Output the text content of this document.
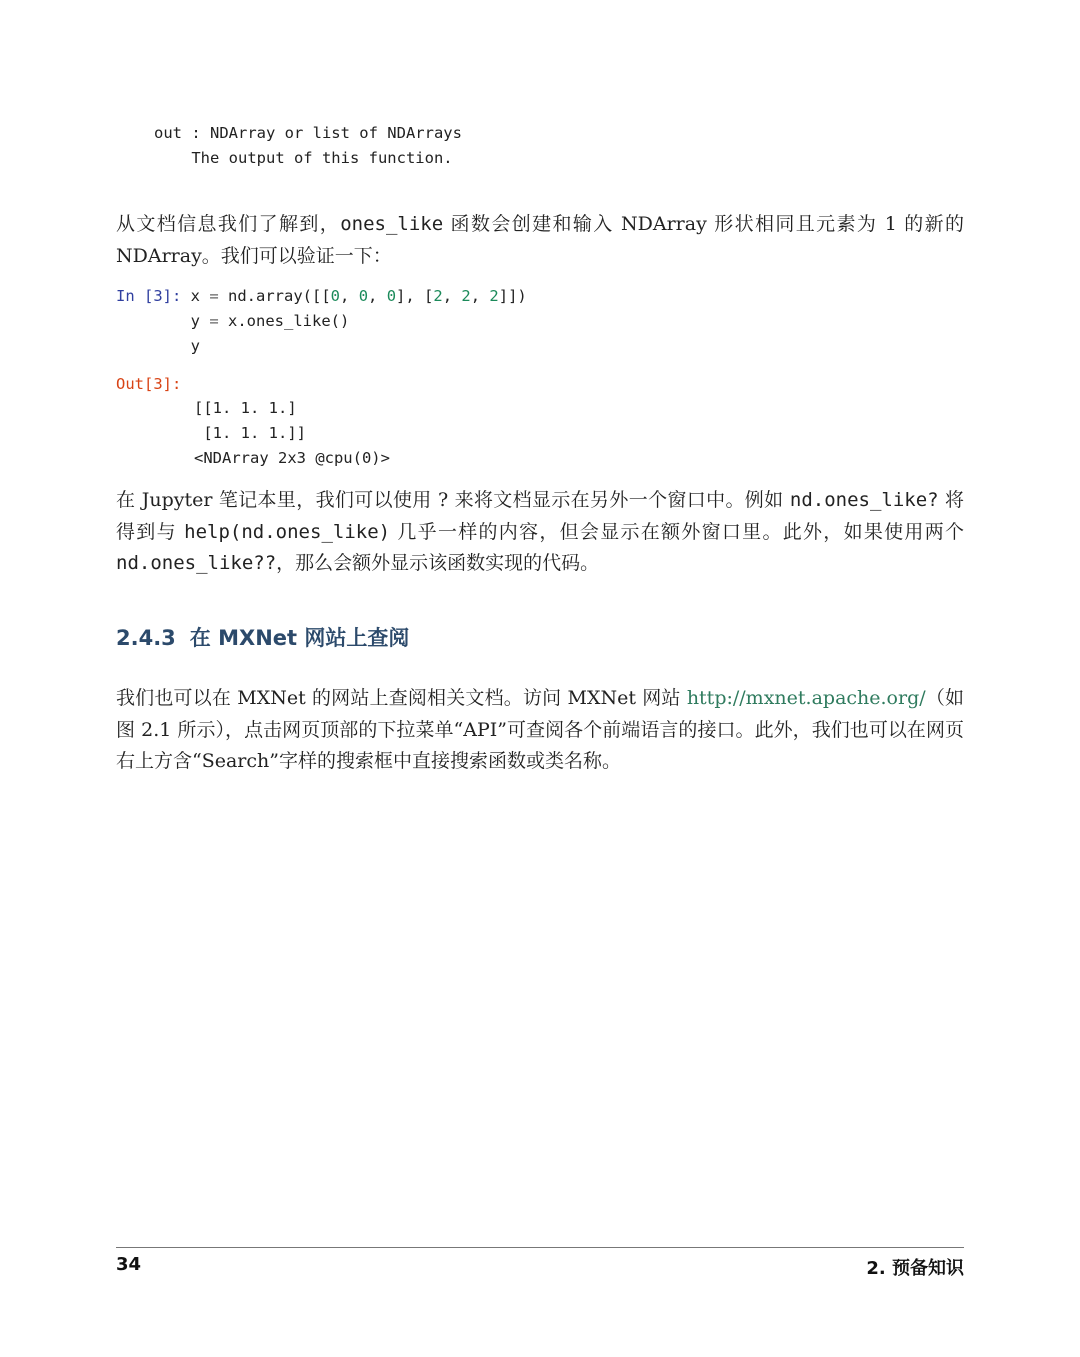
out : NDArray or list of NDArrays
The output of this function.

从文档信息我们了解到，ones_like 函数会创建和输入 NDArray 形状相同且元素为 1 的新的 NDArray。我们可以验证一下：

In [3]: x = nd.array([[0, 0, 0], [2, 2, 2]])
y = x.ones_like()
y
Out[3]:
[[1. 1. 1.]
[1. 1. 1.]]
<NDArray 2x3 @cpu(0)>

在 Jupyter 笔记本里，我们可以使用 ? 来将文档显示在另外一个窗口中。例如 nd.ones_like? 将得到与 help(nd.ones_like) 几乎一样的内容，但会显示在额外窗口里。此外，如果使用两个 nd.ones_like??，那么会额外显示该函数实现的代码。

2.4.3 在 MXNet 网站上查阅

我们也可以在 MXNet 的网站上查阅相关文档。访问 MXNet 网站 http://mxnet.apache.org/（如图 2.1 所示），点击网页顶部的下拉菜单“API”可查阅各个前端语言的接口。此外，我们也可以在网页右上方含“Search”字样的搜索框中直接搜索函数或类名称。

34	2. 预备知识
